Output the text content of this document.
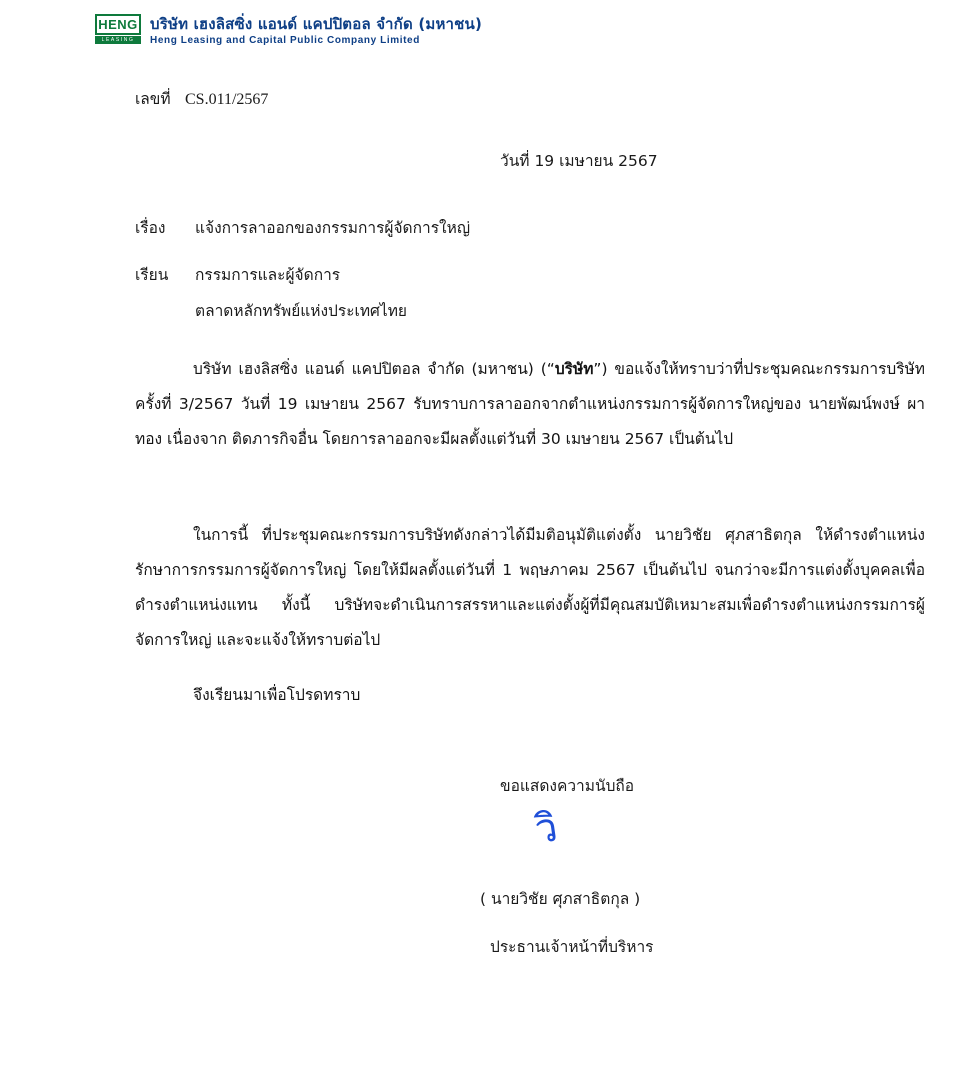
HENG
LEASING
บริษัท เฮงลิสซิ่ง แอนด์ แคปปิตอล จำกัด (มหาชน)
Heng Leasing and Capital Public Company Limited
เลขที่ CS.011/2567
วันที่ 19 เมษายน 2567
เรื่อง แจ้งการลาออกของกรรมการผู้จัดการใหญ่
เรียน กรรมการและผู้จัดการ
ตลาดหลักทรัพย์แห่งประเทศไทย
บริษัท เฮงลิสซิ่ง แอนด์ แคปปิตอล จำกัด (มหาชน) (“บริษัท”) ขอแจ้งให้ทราบว่าที่ประชุมคณะกรรมการบริษัท ครั้งที่ 3/2567 วันที่ 19 เมษายน 2567 รับทราบการลาออกจากตำแหน่งกรรมการผู้จัดการใหญ่ของ นายพัฒน์พงษ์ ผาทอง เนื่องจาก ติดภารกิจอื่น โดยการลาออกจะมีผลตั้งแต่วันที่ 30 เมษายน 2567 เป็นต้นไป
ในการนี้ ที่ประชุมคณะกรรมการบริษัทดังกล่าวได้มีมติอนุมัติแต่งตั้ง นายวิชัย ศุภสาธิตกุล ให้ดำรงตำแหน่ง รักษาการกรรมการผู้จัดการใหญ่ โดยให้มีผลตั้งแต่วันที่ 1 พฤษภาคม 2567 เป็นต้นไป จนกว่าจะมีการแต่งตั้งบุคคลเพื่อดำรงตำแหน่งแทน ทั้งนี้ บริษัทจะดำเนินการสรรหาและแต่งตั้งผู้ที่มีคุณสมบัติเหมาะสมเพื่อดำรงตำแหน่งกรรมการผู้จัดการใหญ่ และจะแจ้งให้ทราบต่อไป
จึงเรียนมาเพื่อโปรดทราบ
ขอแสดงความนับถือ
วิ
( นายวิชัย ศุภสาธิตกุล )
ประธานเจ้าหน้าที่บริหาร
